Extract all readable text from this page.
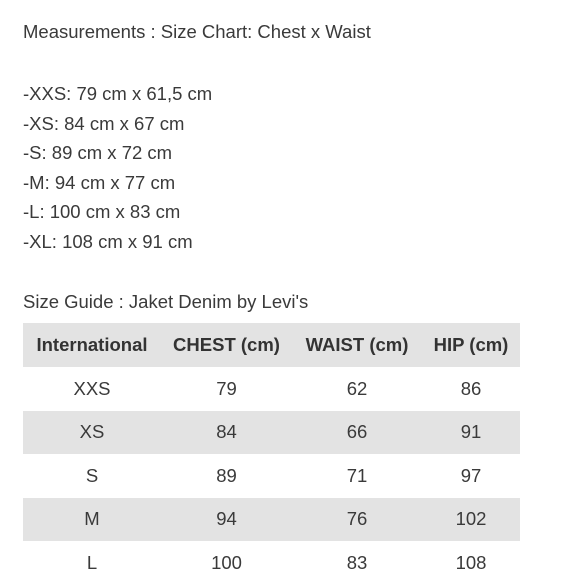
Measurements : Size Chart: Chest x Waist
-XXS: 79 cm x 61,5 cm
-XS: 84 cm x 67 cm
-S: 89 cm x 72 cm
-M: 94 cm x 77 cm
-L: 100 cm x 83 cm
-XL: 108 cm x 91 cm
Size Guide : Jaket Denim by Levi's
International	CHEST (cm)	WAIST (cm)	HIP (cm)
XXS	79	62	86
XS	84	66	91
S	89	71	97
M	94	76	102
L	100	83	108
